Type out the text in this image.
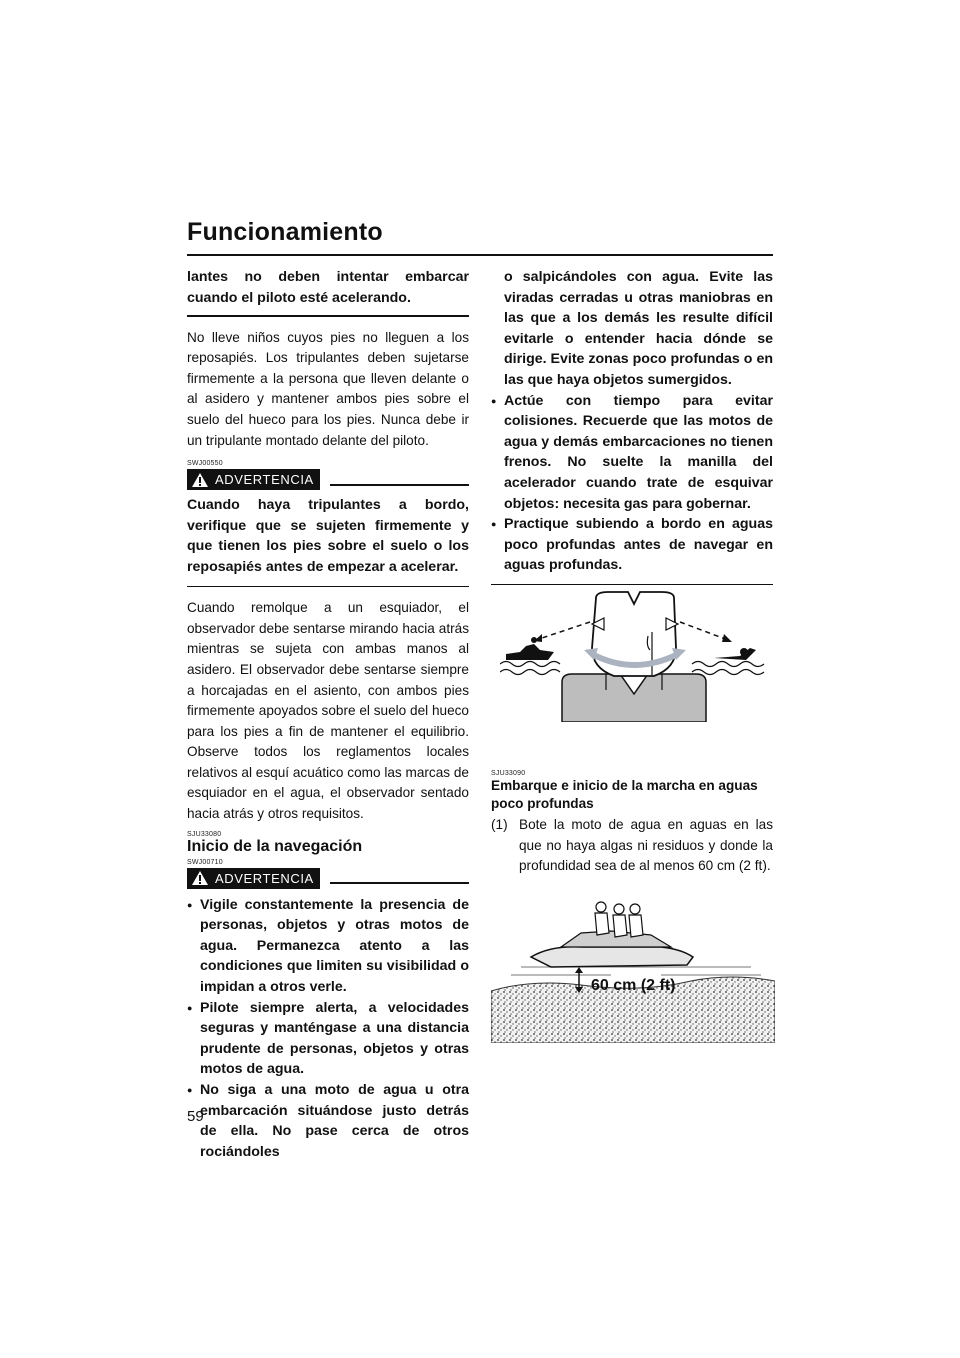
Funcionamiento
lantes no deben intentar embarcar cuando el piloto esté acelerando.
No lleve niños cuyos pies no lleguen a los reposapiés. Los tripulantes deben sujetarse firmemente a la persona que lleven delante o al asidero y mantener ambos pies sobre el suelo del hueco para los pies. Nunca debe ir un tripulante montado delante del piloto.
SWJ00550
ADVERTENCIA
Cuando haya tripulantes a bordo, verifique que se sujeten firmemente y que tienen los pies sobre el suelo o los reposapiés antes de empezar a acelerar.
Cuando remolque a un esquiador, el observador debe sentarse mirando hacia atrás mientras se sujeta con ambas manos al asidero. El observador debe sentarse siempre a horcajadas en el asiento, con ambos pies firmemente apoyados sobre el suelo del hueco para los pies a fin de mantener el equilibrio. Observe todos los reglamentos locales relativos al esquí acuático como las marcas de esquiador en el agua, el observador sentado hacia atrás y otros requisitos.
SJU33080
Inicio de la navegación
SWJ00710
ADVERTENCIA
● Vigile constantemente la presencia de personas, objetos y otras motos de agua. Permanezca atento a las condiciones que limiten su visibilidad o impidan a otros verle.
● Pilote siempre alerta, a velocidades seguras y manténgase a una distancia prudente de personas, objetos y otras motos de agua.
● No siga a una moto de agua u otra embarcación situándose justo detrás de ella. No pase cerca de otros rociándoles
o salpicándoles con agua. Evite las viradas cerradas u otras maniobras en las que a los demás les resulte difícil evitarle o entender hacia dónde se dirige. Evite zonas poco profundas o en las que haya objetos sumergidos.
● Actúe con tiempo para evitar colisiones. Recuerde que las motos de agua y demás embarcaciones no tienen frenos. No suelte la manilla del acelerador cuando trate de esquivar objetos: necesita gas para gobernar.
● Practique subiendo a bordo en aguas poco profundas antes de navegar en aguas profundas.
SJU33090
Embarque e inicio de la marcha en aguas poco profundas
(1) Bote la moto de agua en aguas en las que no haya algas ni residuos y donde la profundidad sea de al menos 60 cm (2 ft).
60 cm (2 ft)
59
